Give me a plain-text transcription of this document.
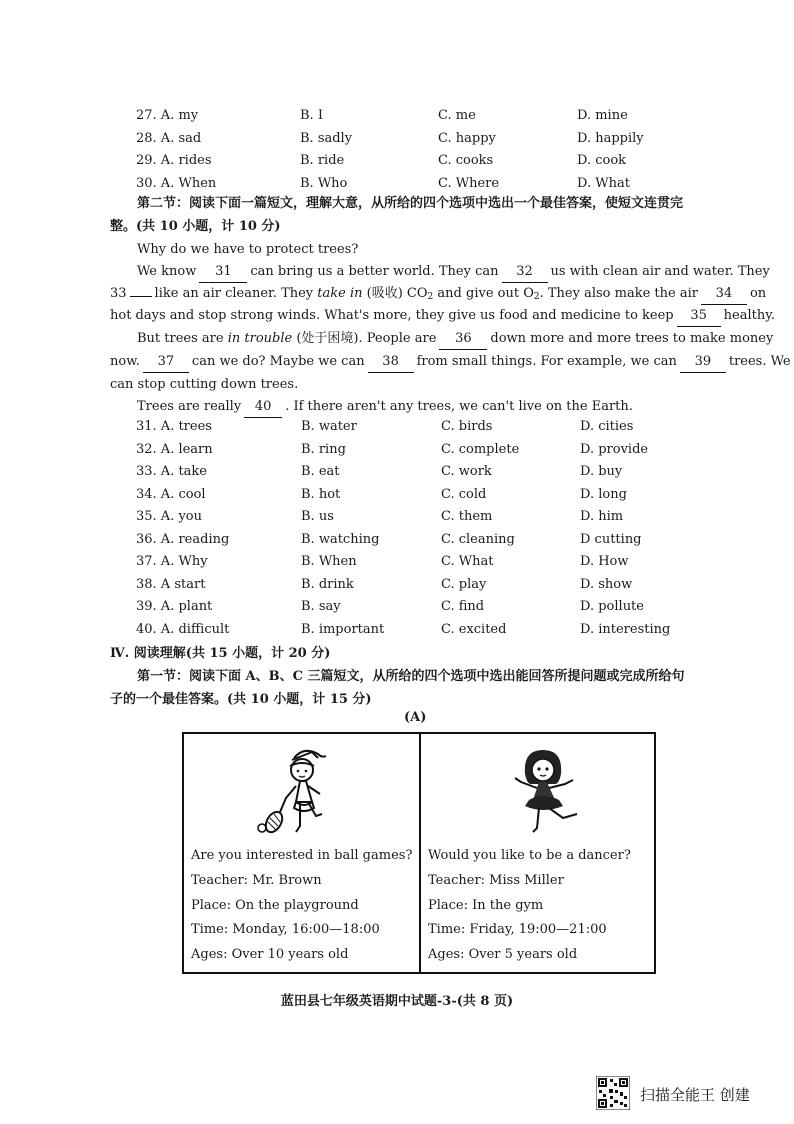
27. A. my	B. I	C. me	D. mine
28. A. sad	B. sadly	C. happy	D. happily
29. A. rides	B. ride	C. cooks	D. cook
30. A. When	B. Who	C. Where	D. What
第二节：阅读下面一篇短文，理解大意，从所给的四个选项中选出一个最佳答案，使短文连贯完
整。(共 10 小题，计 10 分)
Why do we have to protect trees?
We know 31 can bring us a better world. They can 32 us with clean air and water. They
33 like an air cleaner. They take in (吸收) $CO_2$ and give out $O_2$. They also make the air 34 on
hot days and stop strong winds. What's more, they give us food and medicine to keep 35 healthy.
But trees are in trouble (处于困境). People are 36 down more and more trees to make money
now. 37 can we do? Maybe we can 38 from small things. For example, we can 39 trees. We
can stop cutting down trees.
Trees are really 40 . If there aren't any trees, we can't live on the Earth.
31. A. trees	B. water	C. birds	D. cities
32. A. learn	B. ring	C. complete	D. provide
33. A. take	B. eat	C. work	D. buy
34. A. cool	B. hot	C. cold	D. long
35. A. you	B. us	C. them	D. him
36. A. reading	B. watching	C. cleaning	D cutting
37. A. Why	B. When	C. What	D. How
38. A start	B. drink	C. play	D. show
39. A. plant	B. say	C. find	D. pollute
40. A. difficult	B. important	C. excited	D. interesting
Ⅳ. 阅读理解(共 15 小题，计 20 分)
第一节：阅读下面 A、B、C 三篇短文，从所给的四个选项中选出能回答所提问题或完成所给句
子的一个最佳答案。(共 10 小题，计 15 分)
(A)
Are you interested in ball games?
Teacher: Mr. Brown
Place: On the playground
Time: Monday, 16:00—18:00
Ages: Over 10 years old
Would you like to be a dancer?
Teacher: Miss Miller
Place: In the gym
Time: Friday, 19:00—21:00
Ages: Over 5 years old
蓝田县七年级英语期中试题-3-(共 8 页)
扫描全能王 创建
